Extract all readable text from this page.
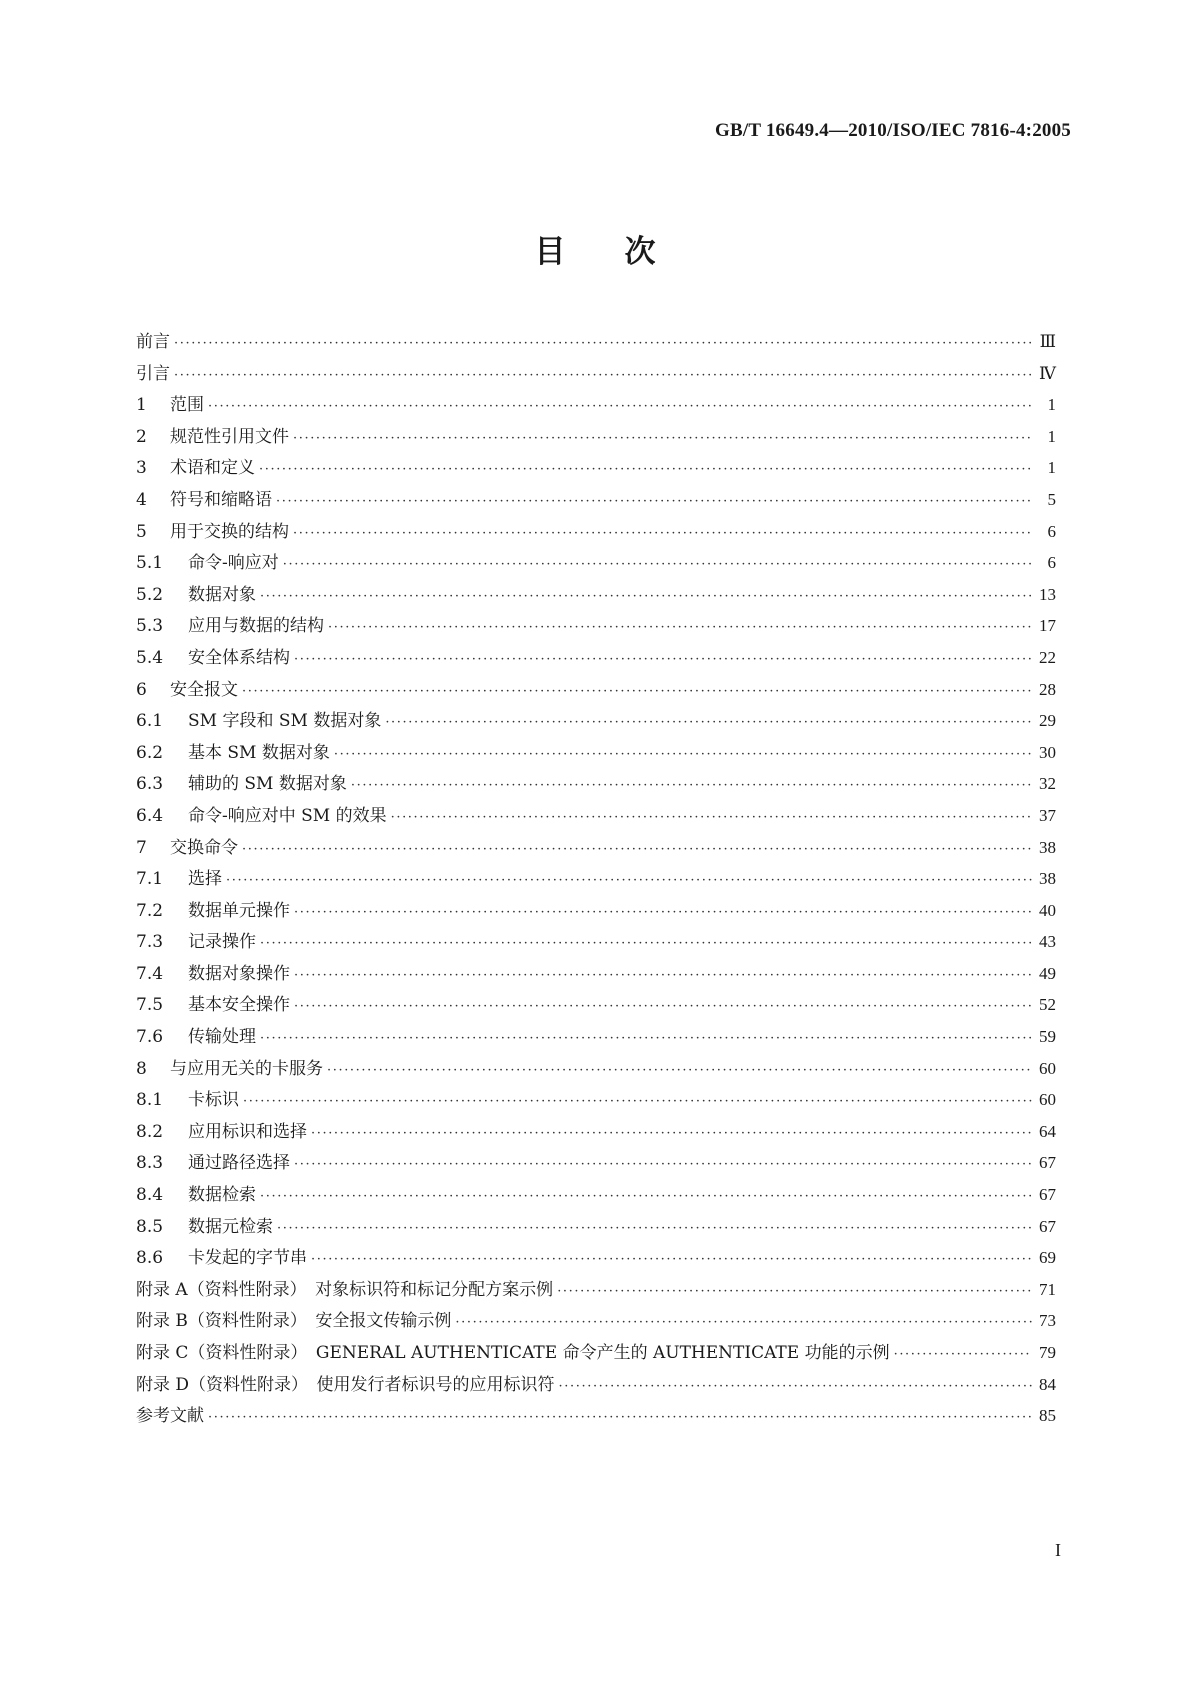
GB/T 16649.4—2010/ISO/IEC 7816-4:2005
目 次
前言 ·····	Ⅲ
引言 ·····	Ⅳ
1 范围 ·····	1
2 规范性引用文件 ·····	1
3 术语和定义 ·····	1
4 符号和缩略语 ·····	5
5 用于交换的结构 ·····	6
5.1 命令-响应对 ·····	6
5.2 数据对象 ·····	13
5.3 应用与数据的结构 ·····	17
5.4 安全体系结构 ·····	22
6 安全报文 ·····	28
6.1 SM 字段和 SM 数据对象 ·····	29
6.2 基本 SM 数据对象 ·····	30
6.3 辅助的 SM 数据对象 ·····	32
6.4 命令-响应对中 SM 的效果 ·····	37
7 交换命令 ·····	38
7.1 选择 ·····	38
7.2 数据单元操作 ·····	40
7.3 记录操作 ·····	43
7.4 数据对象操作 ·····	49
7.5 基本安全操作 ·····	52
7.6 传输处理 ·····	59
8 与应用无关的卡服务 ·····	60
8.1 卡标识 ·····	60
8.2 应用标识和选择 ·····	64
8.3 通过路径选择 ·····	67
8.4 数据检索 ·····	67
8.5 数据元检索 ·····	67
8.6 卡发起的字节串 ·····	69
附录 A（资料性附录）　对象标识符和标记分配方案示例 ·····	71
附录 B（资料性附录）　安全报文传输示例 ·····	73
附录 C（资料性附录）　GENERAL AUTHENTICATE 命令产生的 AUTHENTICATE 功能的示例 ·····	79
附录 D（资料性附录）　使用发行者标识号的应用标识符 ·····	84
参考文献 ·····	85
I
